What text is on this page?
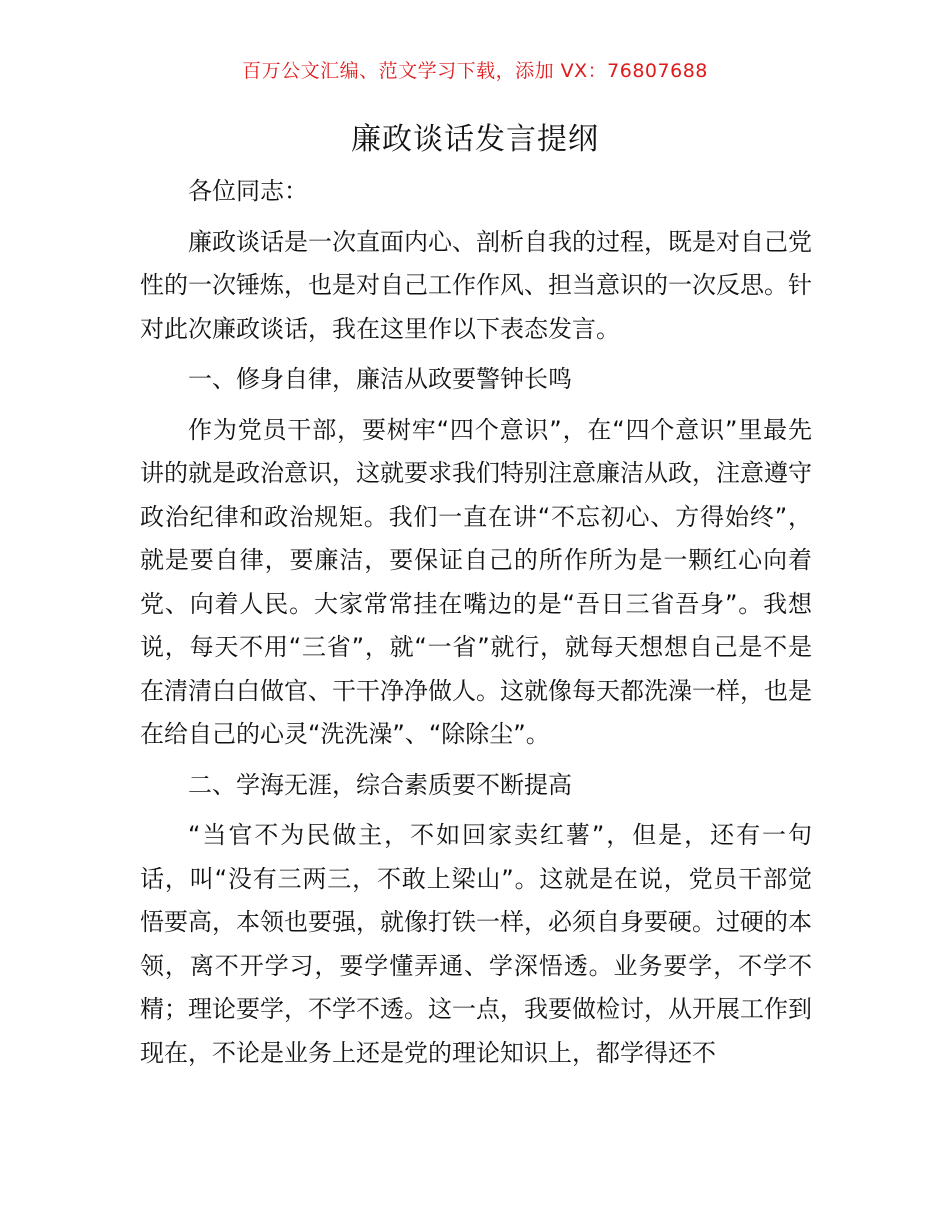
百万公文汇编、范文学习下载，添加 VX：76807688
廉政谈话发言提纲

各位同志：

廉政谈话是一次直面内心、剖析自我的过程，既是对自己党性的一次锤炼，也是对自己工作作风、担当意识的一次反思。针对此次廉政谈话，我在这里作以下表态发言。

一、修身自律，廉洁从政要警钟长鸣

作为党员干部，要树牢“四个意识”，在“四个意识”里最先讲的就是政治意识，这就要求我们特别注意廉洁从政，注意遵守政治纪律和政治规矩。我们一直在讲“不忘初心、方得始终”，就是要自律，要廉洁，要保证自己的所作所为是一颗红心向着党、向着人民。大家常常挂在嘴边的是“吾日三省吾身”。我想说，每天不用“三省”，就“一省”就行，就每天想想自己是不是在清清白白做官、干干净净做人。这就像每天都洗澡一样，也是在给自己的心灵“洗洗澡”、“除除尘”。

二、学海无涯，综合素质要不断提高

“当官不为民做主，不如回家卖红薯”，但是，还有一句话，叫“没有三两三，不敢上梁山”。这就是在说，党员干部觉悟要高，本领也要强，就像打铁一样，必须自身要硬。过硬的本领，离不开学习，要学懂弄通、学深悟透。业务要学，不学不精；理论要学，不学不透。这一点，我要做检讨，从开展工作到现在，不论是业务上还是党的理论知识上，都学得还不
